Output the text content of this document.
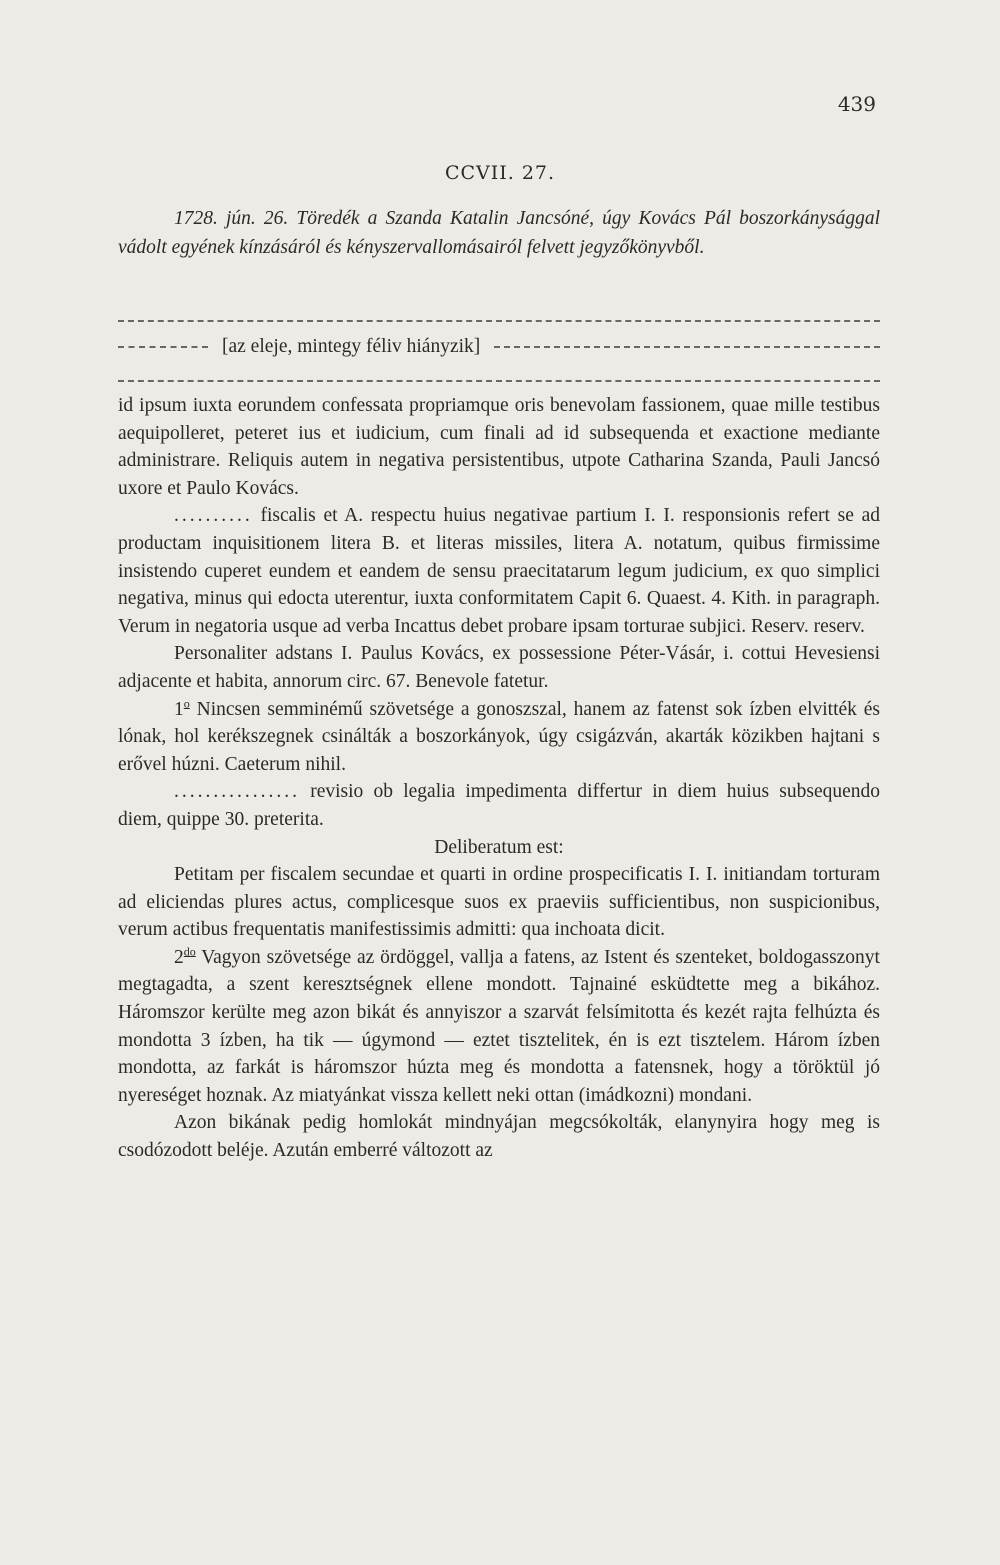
439
CCVII. 27.
1728. jún. 26. Töredék a Szanda Katalin Jancsóné, úgy Kovács Pál boszorkánysággal vádolt egyének kínzásáról és kényszervallomásairól felvett jegyzőkönyvből.
[az eleje, mintegy féliv hiányzik]

id ipsum iuxta eorundem confessata propriamque oris benevolam fassionem, quae mille testibus aequipolleret, peteret ius et iudicium, cum finali ad id subsequenda et exactione mediante administrare. Reliquis autem in negativa persistentibus, utpote Catharina Szanda, Pauli Jancsó uxore et Paulo Kovács.

.......... fiscalis et A. respectu huius negativae partium I. I. responsionis refert se ad productam inquisitionem litera B. et literas missiles, litera A. notatum, quibus firmissime insistendo cuperet eundem et eandem de sensu praecitatarum legum judicium, ex quo simplici negativa, minus qui edocta uterentur, iuxta conformitatem Capit 6. Quaest. 4. Kith. in paragraph. Verum in negatoria usque ad verba Incattus debet probare ipsam torturae subjici. Reserv. reserv.

Personaliter adstans I. Paulus Kovács, ex possessione Péter-Vásár, i. cottui Hevesiensi adjacente et habita, annorum circ. 67. Benevole fatetur.

1$^o$ Nincsen semminémű szövetsége a gonoszszal, hanem az fatenst sok ízben elvitték és lónak, hol kerékszegnek csinálták a boszorkányok, úgy csigázván, akarták közikben hajtani s erővel húzni. Caeterum nihil.

................ revisio ob legalia impedimenta differtur in diem huius subsequendo diem, quippe 30. preterita.

Deliberatum est:

Petitam per fiscalem secundae et quarti in ordine prospecificatis I. I. initiandam torturam ad eliciendas plures actus, complicesque suos ex praeviis sufficientibus, non suspicionibus, verum actibus frequentatis manifestissimis admitti: qua inchoata dicit.

$2^{do}$ Vagyon szövetsége az ördöggel, vallja a fatens, az Istent és szenteket, boldogasszonyt megtagadta, a szent keresztségnek ellene mondott. Tajnainé esküdtette meg a bikához. Háromszor kerülte meg azon bikát és annyiszor a szarvát felsímitotta és kezét rajta felhúzta és mondotta 3 ízben, ha tik — úgymond — eztet tisztelitek, én is ezt tisztelem. Három ízben mondotta, az farkát is háromszor húzta meg és mondotta a fatensnek, hogy a töröktül jó nyereséget hoznak. Az miatyánkat vissza kellett neki ottan (imádkozni) mondani.

Azon bikának pedig homlokát mindnyájan megcsókolták, elanynyira hogy meg is csodózodott beléje. Azután emberré változott az
